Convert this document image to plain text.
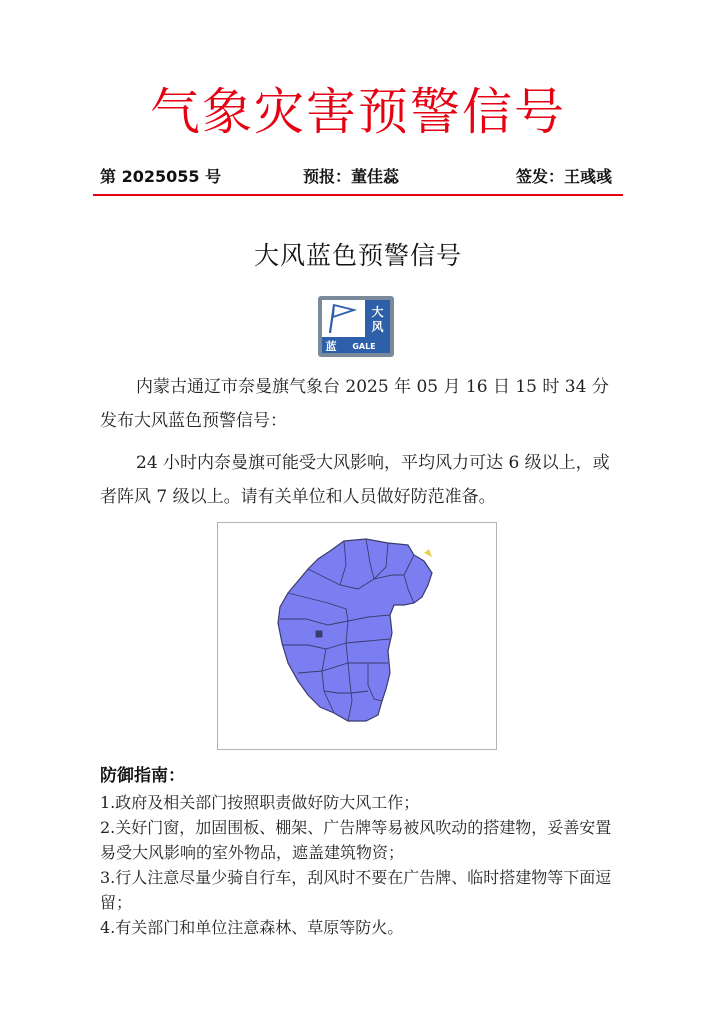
气象灾害预警信号
第 2025055 号	预报：董佳蕊	签发：王彧彧
大风蓝色预警信号
大
风
蓝 GALE
内蒙古通辽市奈曼旗气象台 2025 年 05 月 16 日 15 时 34 分发布大风蓝色预警信号：
24 小时内奈曼旗可能受大风影响，平均风力可达 6 级以上，或者阵风 7 级以上。请有关单位和人员做好防范准备。
防御指南：
1.政府及相关部门按照职责做好防大风工作；
2.关好门窗，加固围板、棚架、广告牌等易被风吹动的搭建物，妥善安置易受大风影响的室外物品，遮盖建筑物资；
3.行人注意尽量少骑自行车，刮风时不要在广告牌、临时搭建物等下面逗留；
4.有关部门和单位注意森林、草原等防火。
